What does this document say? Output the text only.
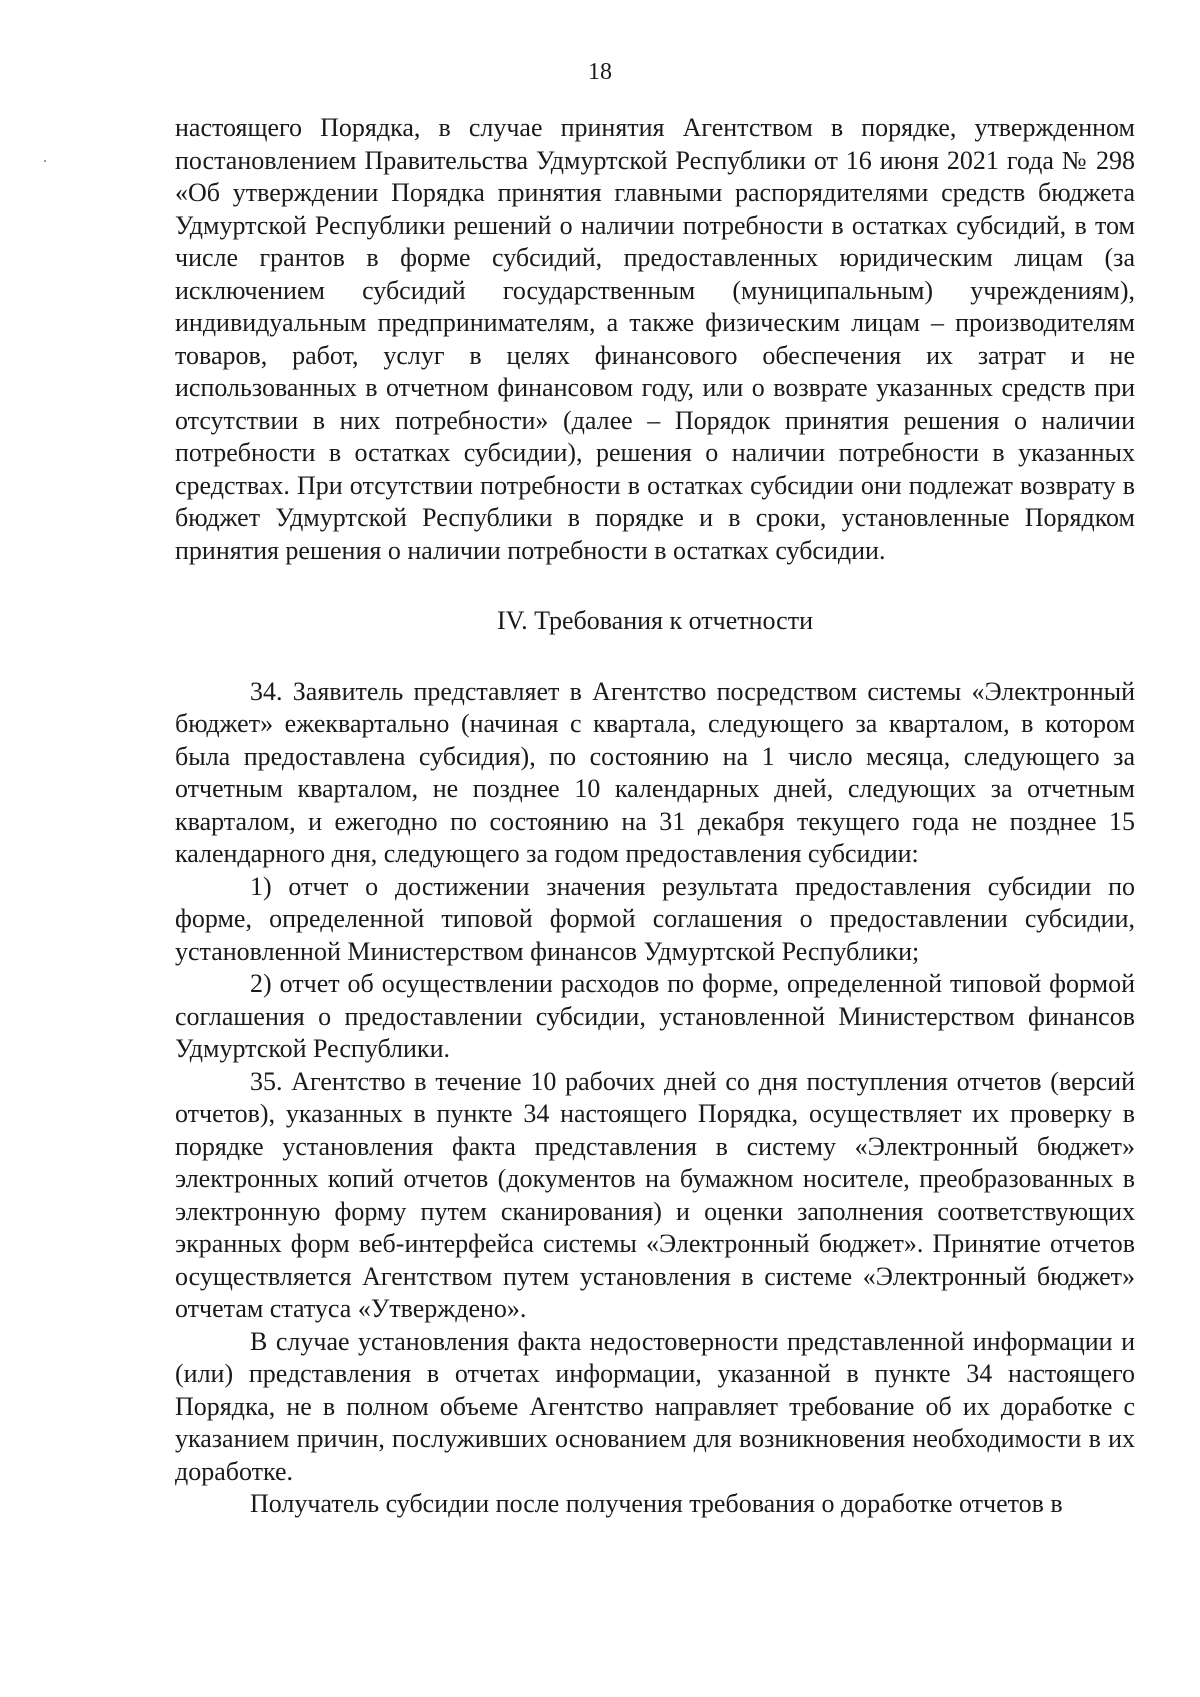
18

настоящего Порядка, в случае принятия Агентством в порядке, утвержденном постановлением Правительства Удмуртской Республики от 16 июня 2021 года № 298 «Об утверждении Порядка принятия главными распорядителями средств бюджета Удмуртской Республики решений о наличии потребности в остатках субсидий, в том числе грантов в форме субсидий, предоставленных юридическим лицам (за исключением субсидий государственным (муниципальным) учреждениям), индивидуальным предпринимателям, а также физическим лицам – производителям товаров, работ, услуг в целях финансового обеспечения их затрат и не использованных в отчетном финансовом году, или о возврате указанных средств при отсутствии в них потребности» (далее – Порядок принятия решения о наличии потребности в остатках субсидии), решения о наличии потребности в указанных средствах. При отсутствии потребности в остатках субсидии они подлежат возврату в бюджет Удмуртской Республики в порядке и в сроки, установленные Порядком принятия решения о наличии потребности в остатках субсидии.

IV. Требования к отчетности

34. Заявитель представляет в Агентство посредством системы «Электронный бюджет» ежеквартально (начиная с квартала, следующего за кварталом, в котором была предоставлена субсидия), по состоянию на 1 число месяца, следующего за отчетным кварталом, не позднее 10 календарных дней, следующих за отчетным кварталом, и ежегодно по состоянию на 31 декабря текущего года не позднее 15 календарного дня, следующего за годом предоставления субсидии:

1) отчет о достижении значения результата предоставления субсидии по форме, определенной типовой формой соглашения о предоставлении субсидии, установленной Министерством финансов Удмуртской Республики;

2) отчет об осуществлении расходов по форме, определенной типовой формой соглашения о предоставлении субсидии, установленной Министерством финансов Удмуртской Республики.

35. Агентство в течение 10 рабочих дней со дня поступления отчетов (версий отчетов), указанных в пункте 34 настоящего Порядка, осуществляет их проверку в порядке установления факта представления в систему «Электронный бюджет» электронных копий отчетов (документов на бумажном носителе, преобразованных в электронную форму путем сканирования) и оценки заполнения соответствующих экранных форм веб-интерфейса системы «Электронный бюджет». Принятие отчетов осуществляется Агентством путем установления в системе «Электронный бюджет» отчетам статуса «Утверждено».

В случае установления факта недостоверности представленной информации и (или) представления в отчетах информации, указанной в пункте 34 настоящего Порядка, не в полном объеме Агентство направляет требование об их доработке с указанием причин, послуживших основанием для возникновения необходимости в их доработке.

Получатель субсидии после получения требования о доработке отчетов в
